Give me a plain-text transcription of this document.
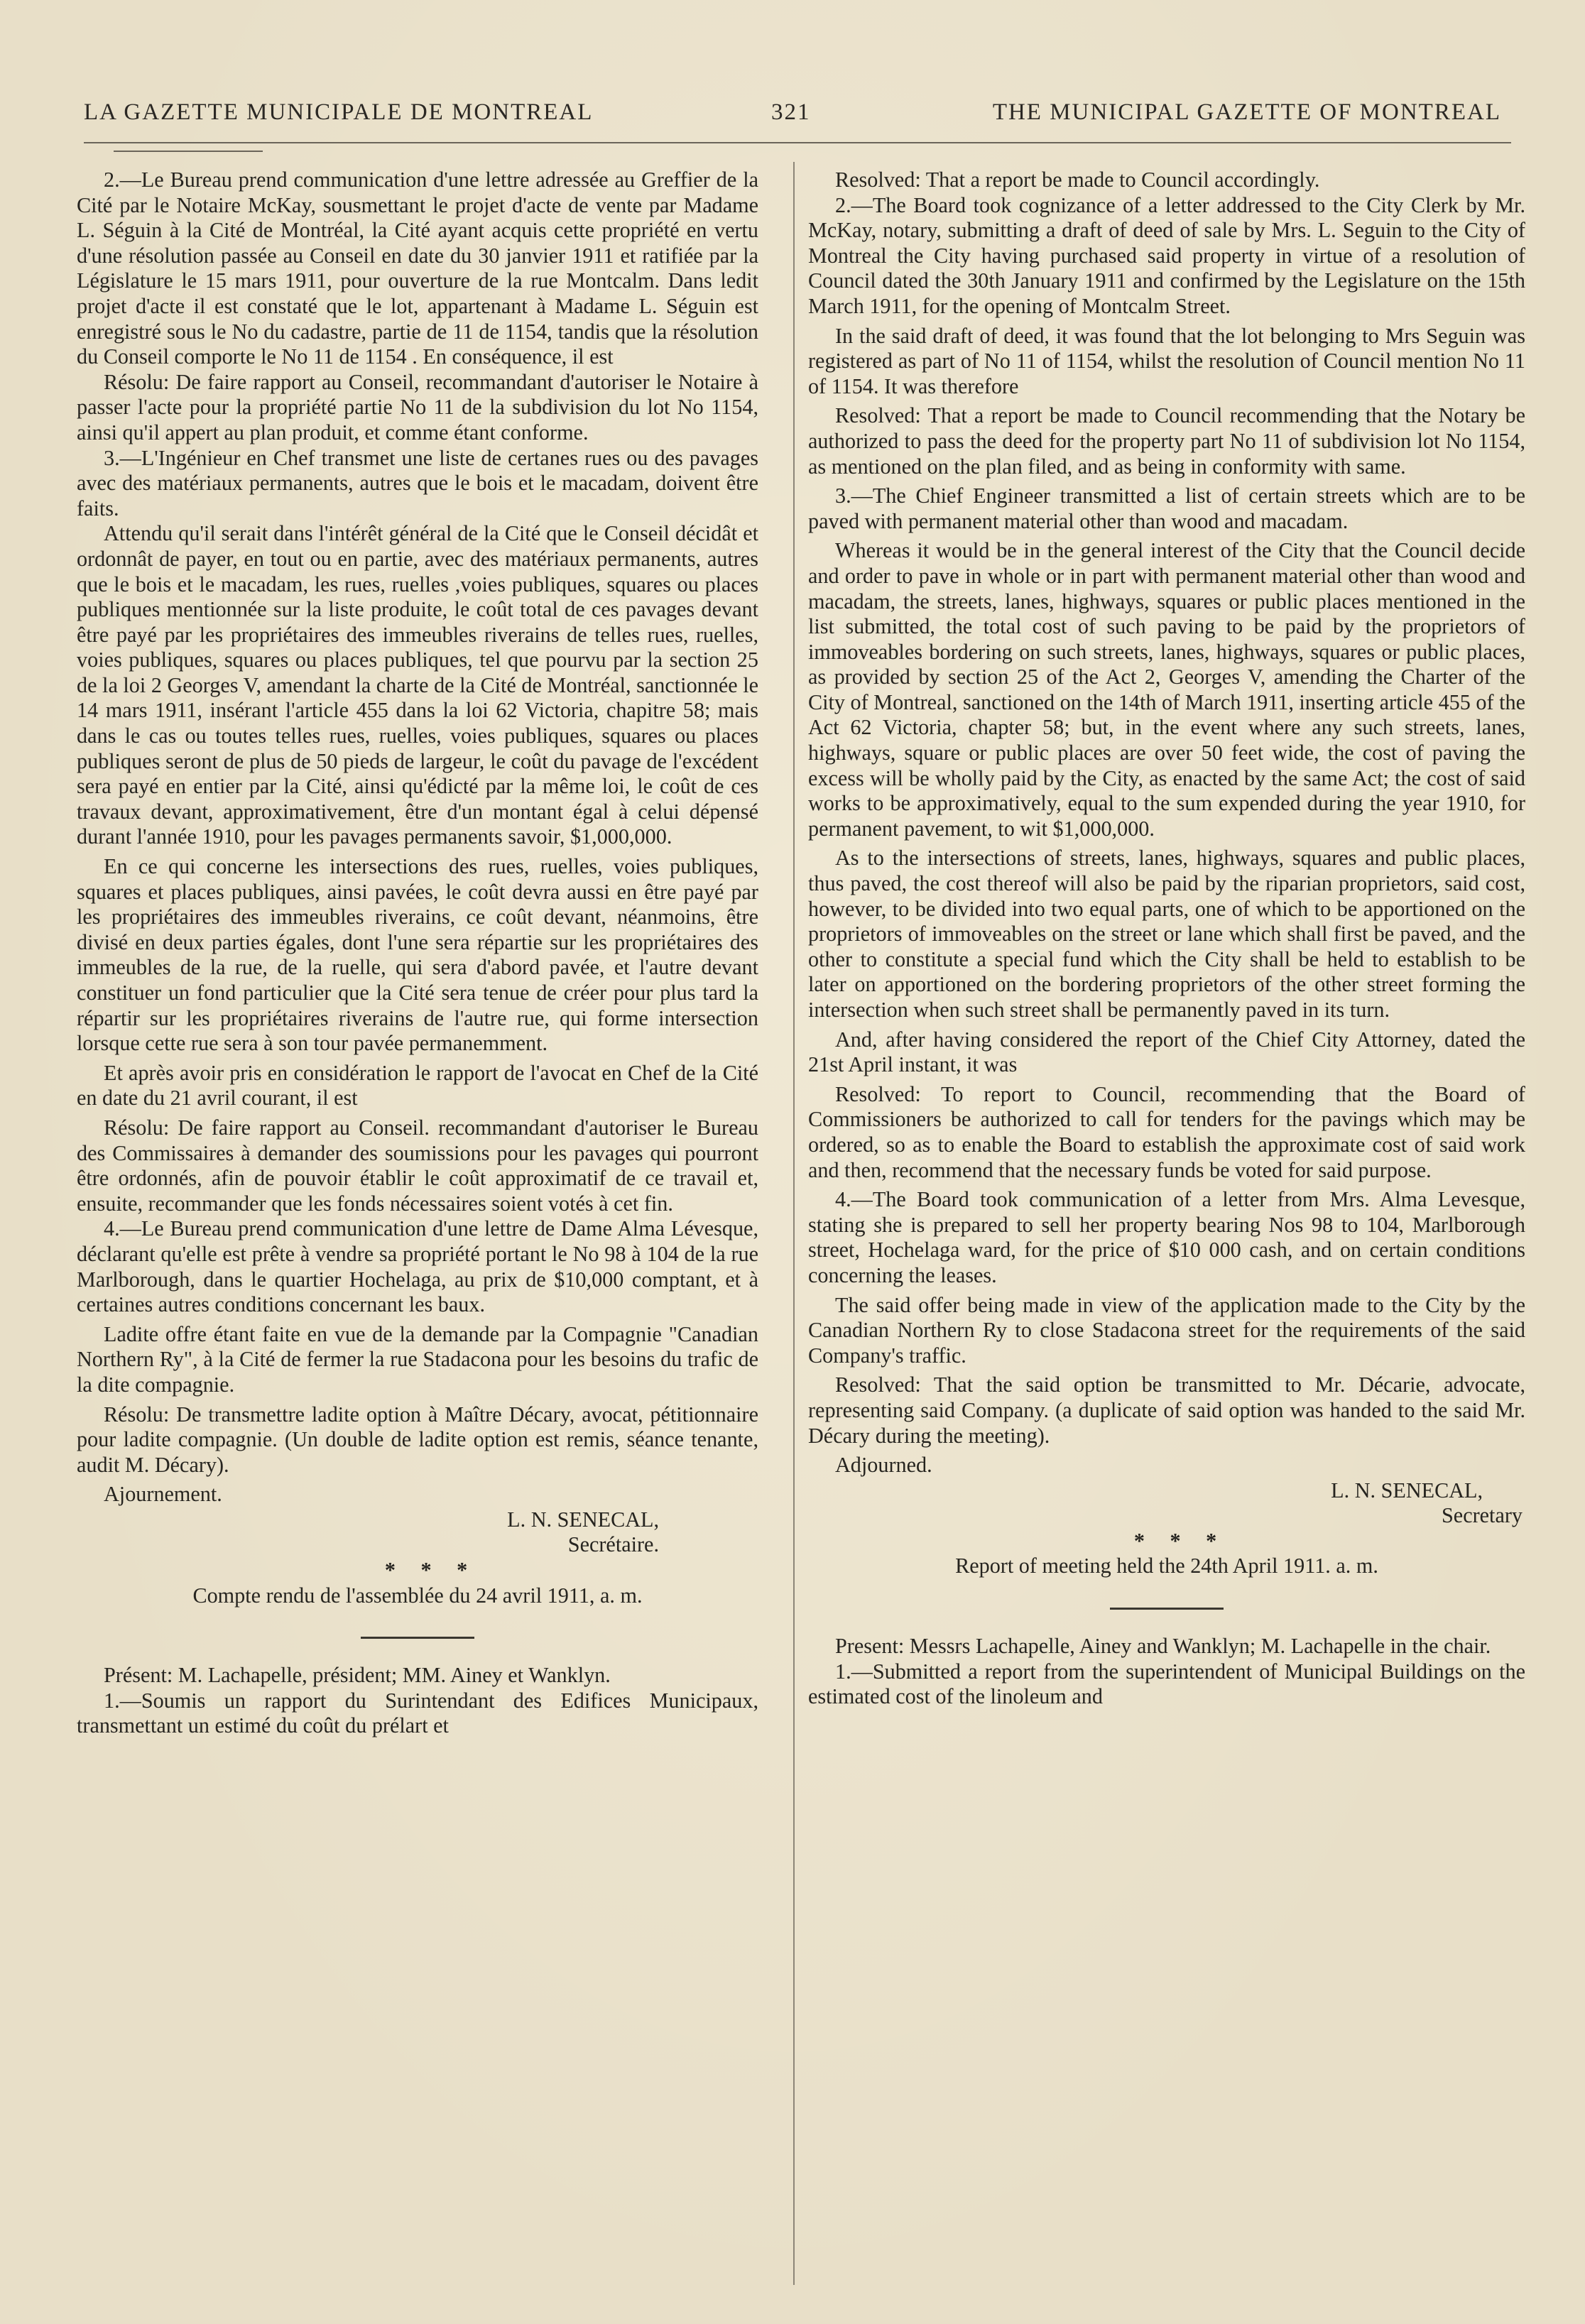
LA GAZETTE MUNICIPALE DE MONTREAL	321	THE MUNICIPAL GAZETTE OF MONTREAL

2.—Le Bureau prend communication d'une lettre adressée au Greffier de la Cité par le Notaire McKay, sousmettant le projet d'acte de vente par Madame L. Séguin à la Cité de Montréal, la Cité ayant acquis cette propriété en vertu d'une résolution passée au Conseil en date du 30 janvier 1911 et ratifiée par la Législature le 15 mars 1911, pour ouverture de la rue Montcalm. Dans ledit projet d'acte il est constaté que le lot, appartenant à Madame L. Séguin est enregistré sous le No du cadastre, partie de 11 de 1154, tandis que la résolution du Conseil comporte le No 11 de 1154 . En conséquence, il est

Résolu: De faire rapport au Conseil, recommandant d'autoriser le Notaire à passer l'acte pour la propriété partie No 11 de la subdivision du lot No 1154, ainsi qu'il appert au plan produit, et comme étant conforme.

3.—L'Ingénieur en Chef transmet une liste de certanes rues ou des pavages avec des matériaux permanents, autres que le bois et le macadam, doivent être faits.

Attendu qu'il serait dans l'intérêt général de la Cité que le Conseil décidât et ordonnât de payer, en tout ou en partie, avec des matériaux permanents, autres que le bois et le macadam, les rues, ruelles ,voies publiques, squares ou places publiques mentionnée sur la liste produite, le coût total de ces pavages devant être payé par les propriétaires des immeubles riverains de telles rues, ruelles, voies publiques, squares ou places publiques, tel que pourvu par la section 25 de la loi 2 Georges V, amendant la charte de la Cité de Montréal, sanctionnée le 14 mars 1911, insérant l'article 455 dans la loi 62 Victoria, chapitre 58; mais dans le cas ou toutes telles rues, ruelles, voies publiques, squares ou places publiques seront de plus de 50 pieds de largeur, le coût du pavage de l'excédent sera payé en entier par la Cité, ainsi qu'édicté par la même loi, le coût de ces travaux devant, approximativement, être d'un montant égal à celui dépensé durant l'année 1910, pour les pavages permanents savoir, $1,000,000.

En ce qui concerne les intersections des rues, ruelles, voies publiques, squares et places publiques, ainsi pavées, le coût devra aussi en être payé par les propriétaires des immeubles riverains, ce coût devant, néanmoins, être divisé en deux parties égales, dont l'une sera répartie sur les propriétaires des immeubles de la rue, de la ruelle, qui sera d'abord pavée, et l'autre devant constituer un fond particulier que la Cité sera tenue de créer pour plus tard la répartir sur les propriétaires riverains de l'autre rue, qui forme intersection lorsque cette rue sera à son tour pavée permanemment.

Et après avoir pris en considération le rapport de l'avocat en Chef de la Cité en date du 21 avril courant, il est

Résolu: De faire rapport au Conseil. recommandant d'autoriser le Bureau des Commissaires à demander des soumissions pour les pavages qui pourront être ordonnés, afin de pouvoir établir le coût approximatif de ce travail et, ensuite, recommander que les fonds nécessaires soient votés à cet fin.

4.—Le Bureau prend communication d'une lettre de Dame Alma Lévesque, déclarant qu'elle est prête à vendre sa propriété portant le No 98 à 104 de la rue Marlborough, dans le quartier Hochelaga, au prix de $10,000 comptant, et à certaines autres conditions concernant les baux.

Ladite offre étant faite en vue de la demande par la Compagnie "Canadian Northern Ry", à la Cité de fermer la rue Stadacona pour les besoins du trafic de la dite compagnie.

Résolu: De transmettre ladite option à Maître Décary, avocat, pétitionnaire pour ladite compagnie. (Un double de ladite option est remis, séance tenante, audit M. Décary).

Ajournement.

L. N. SENECAL,

Secrétaire.

* * *

Compte rendu de l'assemblée du 24 avril 1911, a. m.

Présent: M. Lachapelle, président; MM. Ainey et Wanklyn.

1.—Soumis un rapport du Surintendant des Edifices Municipaux, transmettant un estimé du coût du prélart et

Resolved: That a report be made to Council accordingly.

2.—The Board took cognizance of a letter addressed to the City Clerk by Mr. McKay, notary, submitting a draft of deed of sale by Mrs. L. Seguin to the City of Montreal the City having purchased said property in virtue of a resolution of Council dated the 30th January 1911 and confirmed by the Legislature on the 15th March 1911, for the opening of Montcalm Street.

In the said draft of deed, it was found that the lot belonging to Mrs Seguin was registered as part of No 11 of 1154, whilst the resolution of Council mention No 11 of 1154. It was therefore

Resolved: That a report be made to Council recommending that the Notary be authorized to pass the deed for the property part No 11 of subdivision lot No 1154, as mentioned on the plan filed, and as being in conformity with same.

3.—The Chief Engineer transmitted a list of certain streets which are to be paved with permanent material other than wood and macadam.

Whereas it would be in the general interest of the City that the Council decide and order to pave in whole or in part with permanent material other than wood and macadam, the streets, lanes, highways, squares or public places mentioned in the list submitted, the total cost of such paving to be paid by the proprietors of immoveables bordering on such streets, lanes, highways, squares or public places, as provided by section 25 of the Act 2, Georges V, amending the Charter of the City of Montreal, sanctioned on the 14th of March 1911, inserting article 455 of the Act 62 Victoria, chapter 58; but, in the event where any such streets, lanes, highways, square or public places are over 50 feet wide, the cost of paving the excess will be wholly paid by the City, as enacted by the same Act; the cost of said works to be approximatively, equal to the sum expended during the year 1910, for permanent pavement, to wit $1,000,000.

As to the intersections of streets, lanes, highways, squares and public places, thus paved, the cost thereof will also be paid by the riparian proprietors, said cost, however, to be divided into two equal parts, one of which to be apportioned on the proprietors of immoveables on the street or lane which shall first be paved, and the other to constitute a special fund which the City shall be held to establish to be later on apportioned on the bordering proprietors of the other street forming the intersection when such street shall be permanently paved in its turn.

And, after having considered the report of the Chief City Attorney, dated the 21st April instant, it was

Resolved: To report to Council, recommending that the Board of Commissioners be authorized to call for tenders for the pavings which may be ordered, so as to enable the Board to establish the approximate cost of said work and then, recommend that the necessary funds be voted for said purpose.

4.—The Board took communication of a letter from Mrs. Alma Levesque, stating she is prepared to sell her property bearing Nos 98 to 104, Marlborough street, Hochelaga ward, for the price of $10 000 cash, and on certain conditions concerning the leases.

The said offer being made in view of the application made to the City by the Canadian Northern Ry to close Stadacona street for the requirements of the said Company's traffic.

Resolved: That the said option be transmitted to Mr. Décarie, advocate, representing said Company. (a duplicate of said option was handed to the said Mr. Décary during the meeting).

Adjourned.

L. N. SENECAL,

Secretary

* * *

Report of meeting held the 24th April 1911. a. m.

Present: Messrs Lachapelle, Ainey and Wanklyn; M. Lachapelle in the chair.

1.—Submitted a report from the superintendent of Municipal Buildings on the estimated cost of the linoleum and
